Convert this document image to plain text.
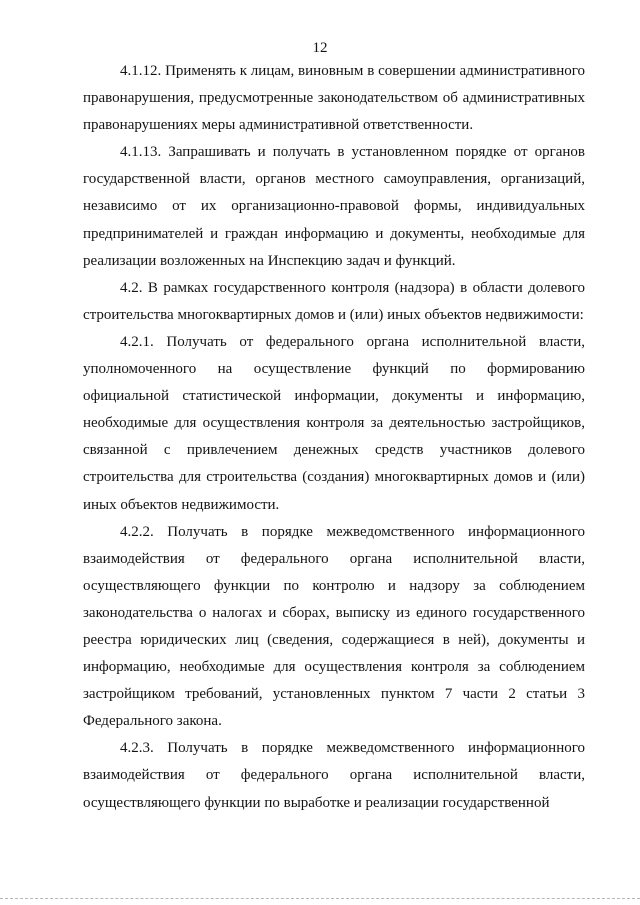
12

4.1.12. Применять к лицам, виновным в совершении административного правонарушения, предусмотренные законодательством об административных правонарушениях меры административной ответственности.

4.1.13. Запрашивать и получать в установленном порядке от органов государственной власти, органов местного самоуправления, организаций, независимо от их организационно-правовой формы, индивидуальных предпринимателей и граждан информацию и документы, необходимые для реализации возложенных на Инспекцию задач и функций.

4.2. В рамках государственного контроля (надзора) в области долевого строительства многоквартирных домов и (или) иных объектов недвижимости:

4.2.1. Получать от федерального органа исполнительной власти, уполномоченного на осуществление функций по формированию официальной статистической информации, документы и информацию, необходимые для осуществления контроля за деятельностью застройщиков, связанной с привлечением денежных средств участников долевого строительства для строительства (создания) многоквартирных домов и (или) иных объектов недвижимости.

4.2.2. Получать в порядке межведомственного информационного взаимодействия от федерального органа исполнительной власти, осуществляющего функции по контролю и надзору за соблюдением законодательства о налогах и сборах, выписку из единого государственного реестра юридических лиц (сведения, содержащиеся в ней), документы и информацию, необходимые для осуществления контроля за соблюдением застройщиком требований, установленных пунктом 7 части 2 статьи 3 Федерального закона.

4.2.3. Получать в порядке межведомственного информационного взаимодействия от федерального органа исполнительной власти, осуществляющего функции по выработке и реализации государственной
